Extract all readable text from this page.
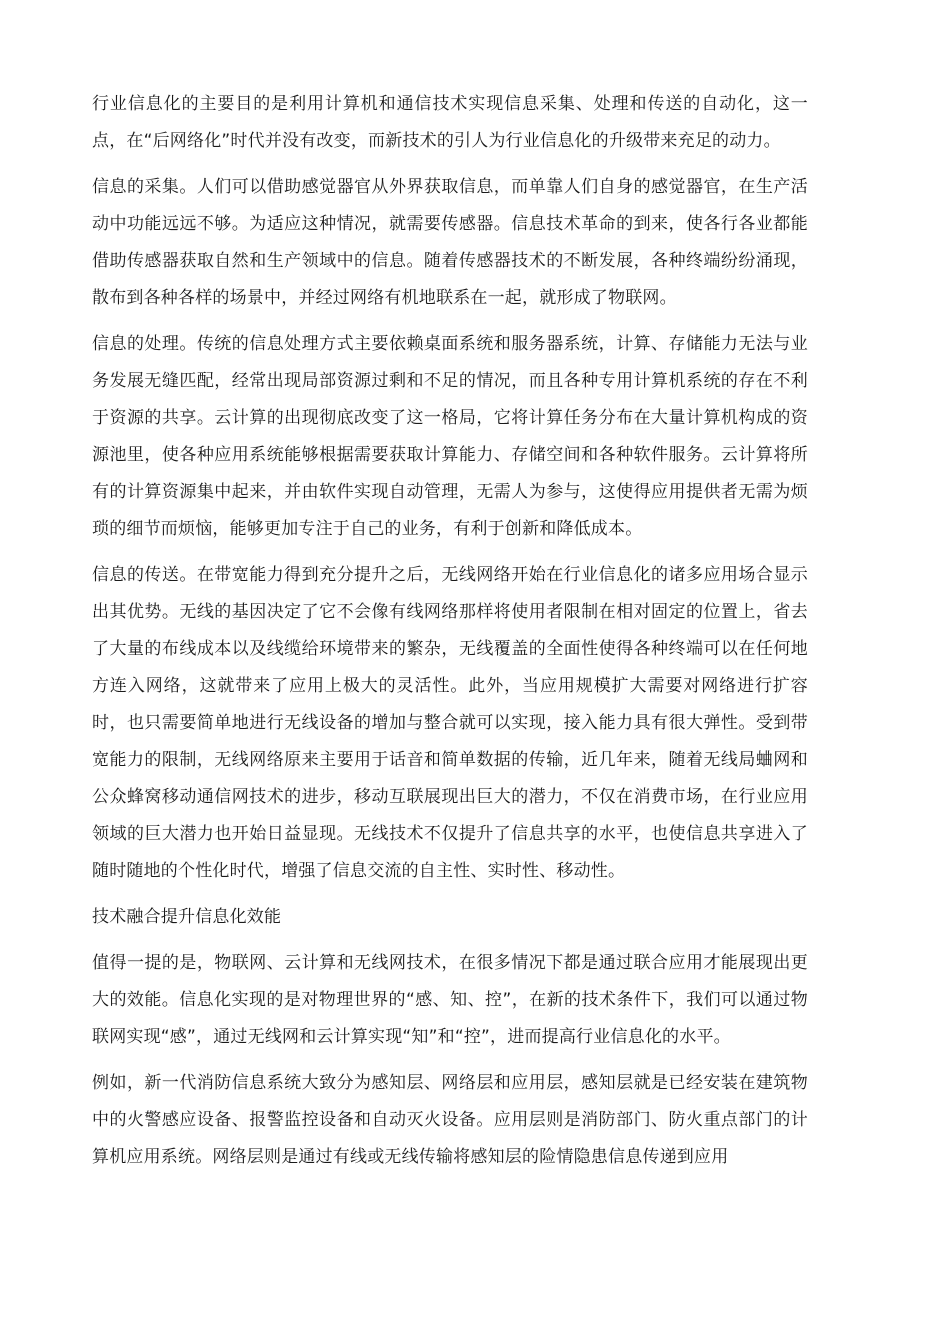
行业信息化的主要目的是利用计算机和通信技术实现信息采集、处理和传送的自动化，这一点，在“后网络化”时代并没有改变，而新技术的引人为行业信息化的升级带来充足的动力。

信息的采集。人们可以借助感觉器官从外界获取信息，而单靠人们自身的感觉器官，在生产活动中功能远远不够。为适应这种情况，就需要传感器。信息技术革命的到来，使各行各业都能借助传感器获取自然和生产领域中的信息。随着传感器技术的不断发展，各种终端纷纷涌现，散布到各种各样的场景中，并经过网络有机地联系在一起，就形成了物联网。

信息的处理。传统的信息处理方式主要依赖桌面系统和服务器系统，计算、存储能力无法与业务发展无缝匹配，经常出现局部资源过剩和不足的情况，而且各种专用计算机系统的存在不利于资源的共享。云计算的出现彻底改变了这一格局，它将计算任务分布在大量计算机构成的资源池里，使各种应用系统能够根据需要获取计算能力、存储空间和各种软件服务。云计算将所有的计算资源集中起来，并由软件实现自动管理，无需人为参与，这使得应用提供者无需为烦琐的细节而烦恼，能够更加专注于自己的业务，有利于创新和降低成本。

信息的传送。在带宽能力得到充分提升之后，无线网络开始在行业信息化的诸多应用场合显示出其优势。无线的基因决定了它不会像有线网络那样将使用者限制在相对固定的位置上，省去了大量的布线成本以及线缆给环境带来的繁杂，无线覆盖的全面性使得各种终端可以在任何地方连入网络，这就带来了应用上极大的灵活性。此外，当应用规模扩大需要对网络进行扩容时，也只需要简单地进行无线设备的增加与整合就可以实现，接入能力具有很大弹性。受到带宽能力的限制，无线网络原来主要用于话音和简单数据的传输，近几年来，随着无线局蛐网和公众蜂窝移动通信网技术的进步，移动互联展现出巨大的潜力，不仅在消费市场，在行业应用领域的巨大潜力也开始日益显现。无线技术不仅提升了信息共享的水平，也使信息共享进入了随时随地的个性化时代，增强了信息交流的自主性、实时性、移动性。

技术融合提升信息化效能

值得一提的是，物联网、云计算和无线网技术，在很多情况下都是通过联合应用才能展现出更大的效能。信息化实现的是对物理世界的“感、知、控”，在新的技术条件下，我们可以通过物联网实现“感”，通过无线网和云计算实现“知”和“控”，进而提高行业信息化的水平。

例如，新一代消防信息系统大致分为感知层、网络层和应用层，感知层就是已经安装在建筑物中的火警感应设备、报警监控设备和自动灭火设备。应用层则是消防部门、防火重点部门的计算机应用系统。网络层则是通过有线或无线传输将感知层的险情隐患信息传递到应用
